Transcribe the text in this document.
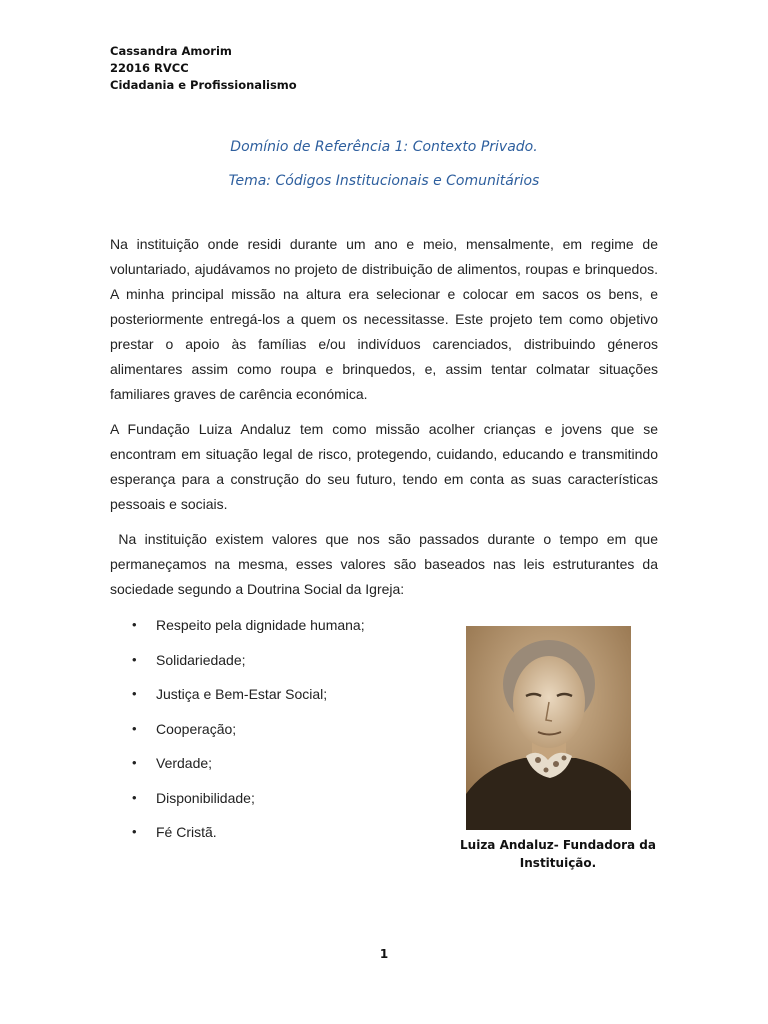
Cassandra Amorim
22016 RVCC
Cidadania e Profissionalismo
Domínio de Referência 1: Contexto Privado.
Tema: Códigos Institucionais e Comunitários

Na instituição onde residi durante um ano e meio, mensalmente, em regime de voluntariado, ajudávamos no projeto de distribuição de alimentos, roupas e brinquedos. A minha principal missão na altura era selecionar e colocar em sacos os bens, e posteriormente entregá-los a quem os necessitasse. Este projeto tem como objetivo prestar o apoio às famílias e/ou indivíduos carenciados, distribuindo géneros alimentares assim como roupa e brinquedos, e, assim tentar colmatar situações familiares graves de carência económica.

A Fundação Luiza Andaluz tem como missão acolher crianças e jovens que se encontram em situação legal de risco, protegendo, cuidando, educando e transmitindo esperança para a construção do seu futuro, tendo em conta as suas características pessoais e sociais.

Na instituição existem valores que nos são passados durante o tempo em que permaneçamos na mesma, esses valores são baseados nas leis estruturantes da sociedade segundo a Doutrina Social da Igreja:

• Respeito pela dignidade humana;
• Solidariedade;
• Justiça e Bem-Estar Social;
• Cooperação;
• Verdade;
• Disponibilidade;
• Fé Cristã.
Luiza Andaluz- Fundadora da
Instituição.
1
